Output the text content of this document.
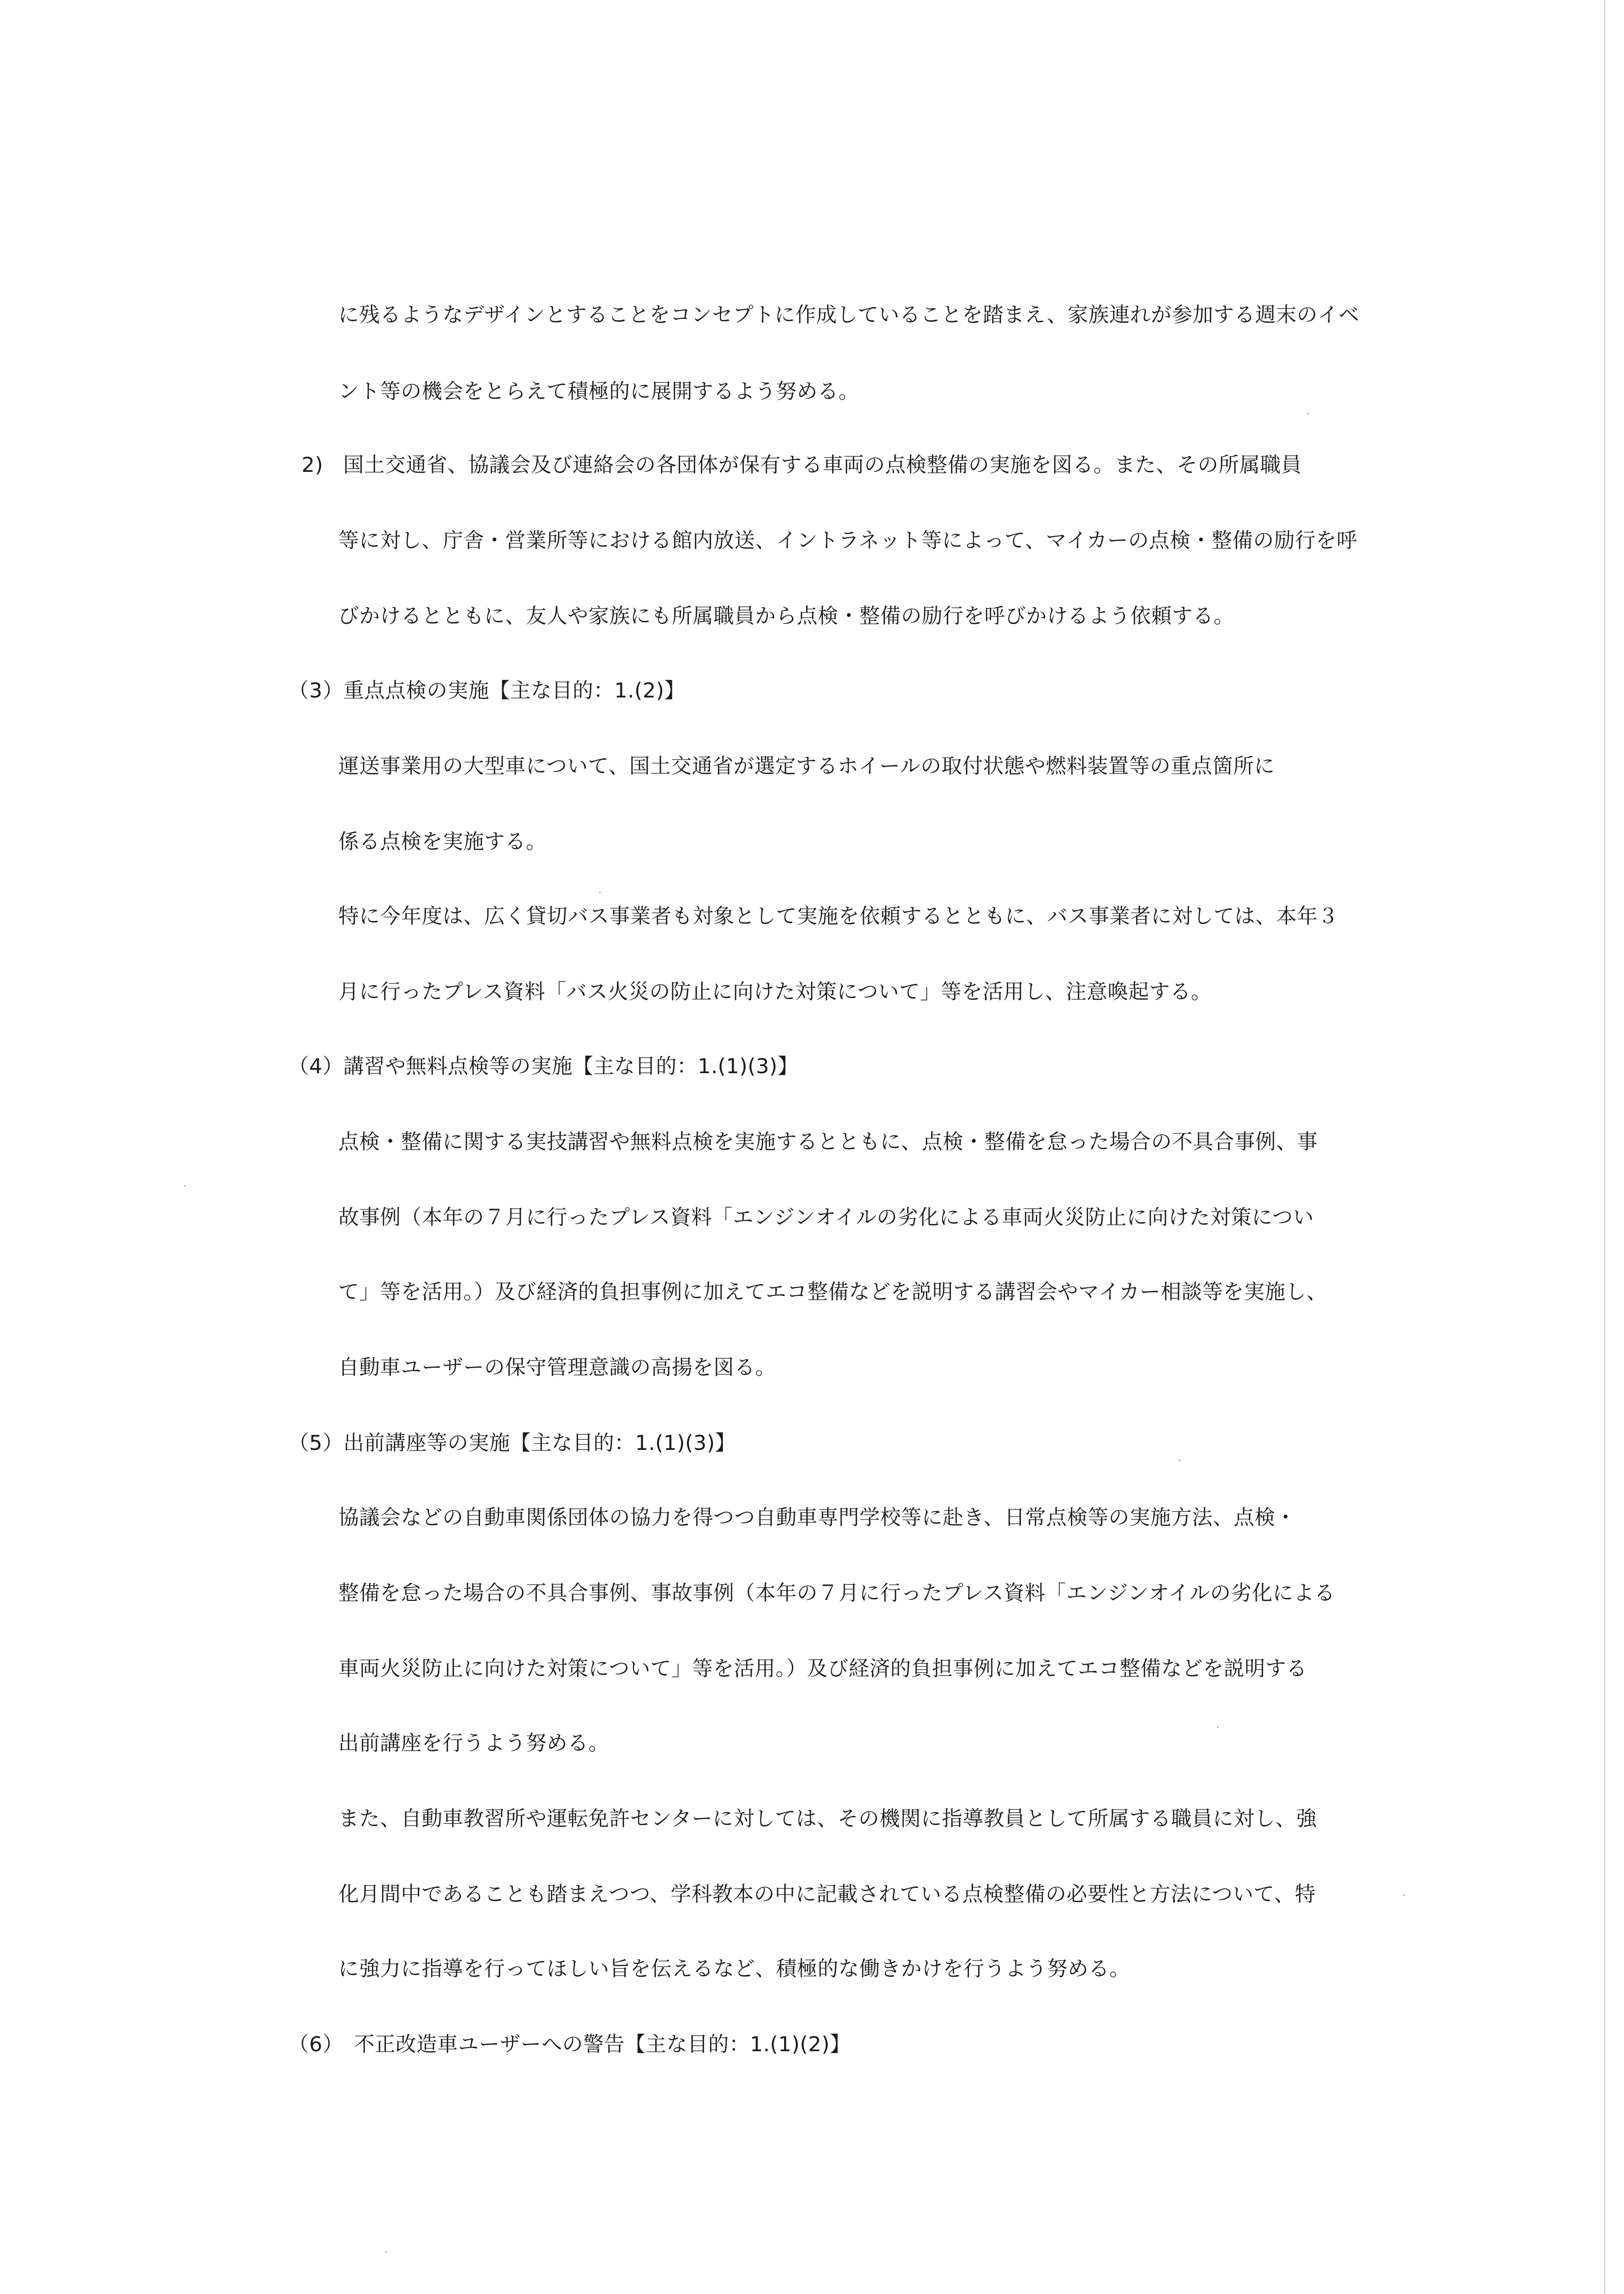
に残るようなデザインとすることをコンセプトに作成していることを踏まえ、家族連れが参加する週末のイベ
ント等の機会をとらえて積極的に展開するよう努める。
2) 国土交通省、協議会及び連絡会の各団体が保有する車両の点検整備の実施を図る。また、その所属職員
等に対し、庁舎・営業所等における館内放送、イントラネット等によって、マイカーの点検・整備の励行を呼
びかけるとともに、友人や家族にも所属職員から点検・整備の励行を呼びかけるよう依頼する。
（3）重点点検の実施【主な目的：1.(2)】
運送事業用の大型車について、国土交通省が選定するホイールの取付状態や燃料装置等の重点箇所に
係る点検を実施する。
特に今年度は、広く貸切バス事業者も対象として実施を依頼するとともに、バス事業者に対しては、本年３
月に行ったプレス資料「バス火災の防止に向けた対策について」等を活用し、注意喚起する。
（4）講習や無料点検等の実施【主な目的：1.(1)(3)】
点検・整備に関する実技講習や無料点検を実施するとともに、点検・整備を怠った場合の不具合事例、事
故事例（本年の７月に行ったプレス資料「エンジンオイルの劣化による車両火災防止に向けた対策につい
て」等を活用。）及び経済的負担事例に加えてエコ整備などを説明する講習会やマイカー相談等を実施し、
自動車ユーザーの保守管理意識の高揚を図る。
（5）出前講座等の実施【主な目的：1.(1)(3)】
協議会などの自動車関係団体の協力を得つつ自動車専門学校等に赴き、日常点検等の実施方法、点検・
整備を怠った場合の不具合事例、事故事例（本年の７月に行ったプレス資料「エンジンオイルの劣化による
車両火災防止に向けた対策について」等を活用。）及び経済的負担事例に加えてエコ整備などを説明する
出前講座を行うよう努める。
また、自動車教習所や運転免許センターに対しては、その機関に指導教員として所属する職員に対し、強
化月間中であることも踏まえつつ、学科教本の中に記載されている点検整備の必要性と方法について、特
に強力に指導を行ってほしい旨を伝えるなど、積極的な働きかけを行うよう努める。
（6）　不正改造車ユーザーへの警告【主な目的：1.(1)(2)】
